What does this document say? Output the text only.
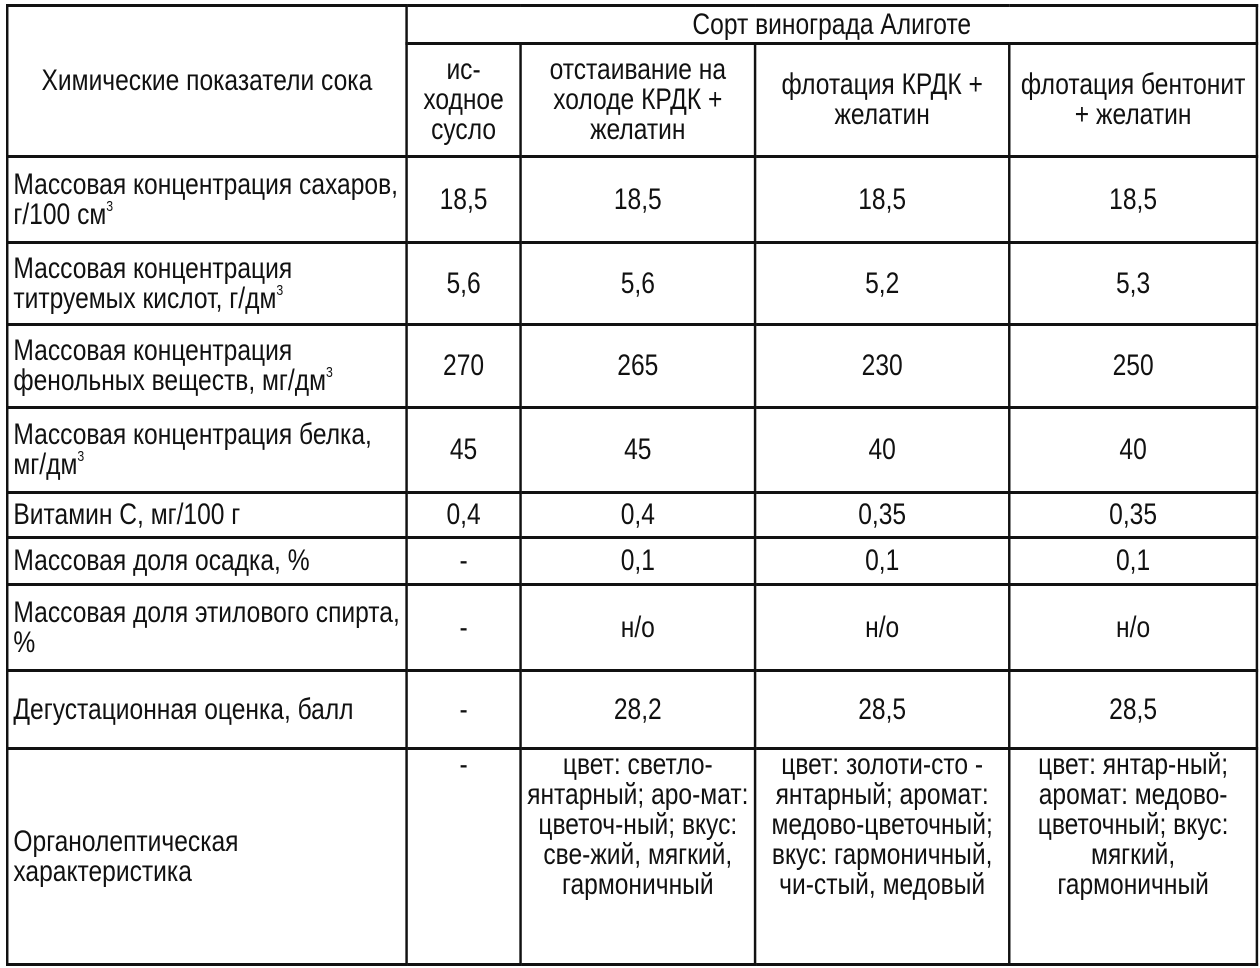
Химические показатели сока	Сорт винограда Алиготе			
	ис-ходное сусло	отстаивание на холоде КРДК + желатин	флотация КРДК + желатин	флотация бентонит + желатин
Массовая концентрация сахаров, г/100 $см^3$	18,5	18,5	18,5	18,5
Массовая концентрация титруемых кислот, $г/дм^3$	5,6	5,6	5,2	5,3
Массовая концентрация фенольных веществ, $мг/дм^3$	270	265	230	250
Массовая концентрация белка, $мг/дм^3$	45	45	40	40
Витамин С, мг/100 г	0,4	0,4	0,35	0,35
Массовая доля осадка, %	-	0,1	0,1	0,1
Массовая доля этилового спирта, %	-	н/о	н/о	н/о
Дегустационная оценка, балл	-	28,2	28,5	28,5
Органолептическая характеристика	-	цвет: светло-янтарный; аро-мат: цветоч-ный; вкус: све-жий, мягкий, гармоничный	цвет: золоти-сто - янтарный; аромат: медово-цветочный; вкус: гармоничный, чи-стый, медовый	цвет: янтар-ный; аромат: медово-цветочный; вкус: мягкий, гармоничный
